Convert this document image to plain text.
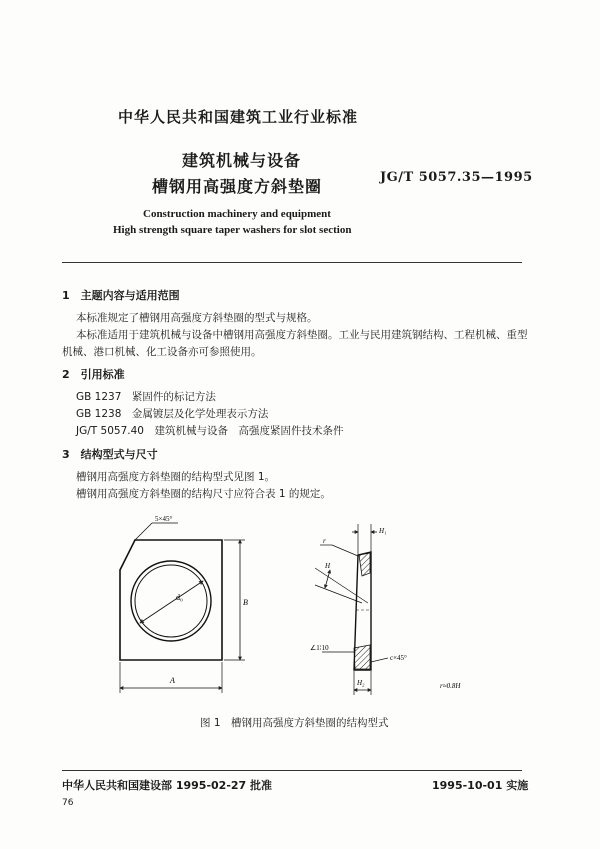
中华人民共和国建筑工业行业标准
建筑机械与设备
槽钢用高强度方斜垫圈	JG/T 5057.35—1995
Construction machinery and equipment
High strength square taper washers for slot section
1　主题内容与适用范围
本标准规定了槽钢用高强度方斜垫圈的型式与规格。
本标准适用于建筑机械与设备中槽钢用高强度方斜垫圈。工业与民用建筑钢结构、工程机械、重型
机械、港口机械、化工设备亦可参照使用。
2　引用标准
GB 1237　紧固件的标记方法
GB 1238　金属镀层及化学处理表示方法
JG/T 5057.40　建筑机械与设备　高强度紧固件技术条件
3　结构型式与尺寸
槽钢用高强度方斜垫圈的结构型式见图 1。
槽钢用高强度方斜垫圈的结构尺寸应符合表 1 的规定。
d₀
5×45°
A
B
H₁
r
H
∠1∶10
c×45°
H₂	r≈0.8H
图 1　槽钢用高强度方斜垫圈的结构型式
中华人民共和国建设部 1995-02-27 批准	1995-10-01 实施
76
